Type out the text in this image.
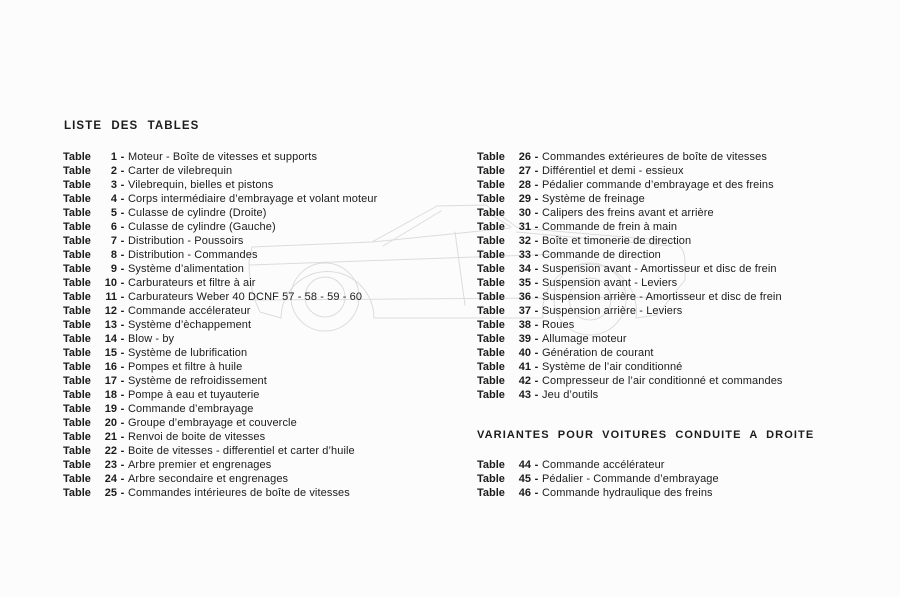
LISTE DES TABLES
Table	1 - Moteur - Boîte de vitesses et supports
Table	2 - Carter de vilebrequin
Table	3 - Vilebrequin, bielles et pistons
Table	4 - Corps intermédiaire d’embrayage et volant moteur
Table	5 - Culasse de cylindre (Droite)
Table	6 - Culasse de cylindre (Gauche)
Table	7 - Distribution - Poussoirs
Table	8 - Distribution - Commandes
Table	9 - Système d’alimentation
Table	10 - Carburateurs et filtre à air
Table	11 - Carburateurs Weber 40 DCNF 57 - 58 - 59 - 60
Table	12 - Commande accélerateur
Table	13 - Système d’èchappement
Table	14 - Blow - by
Table	15 - Système de lubrification
Table	16 - Pompes et filtre à huile
Table	17 - Système de refroidissement
Table	18 - Pompe à eau et tuyauterie
Table	19 - Commande d’embrayage
Table	20 - Groupe d’embrayage et couvercle
Table	21 - Renvoi de boite de vitesses
Table	22 - Boite de vitesses - differentiel et carter d’huile
Table	23 - Arbre premier et engrenages
Table	24 - Arbre secondaire et engrenages
Table	25 - Commandes intérieures de boîte de vitesses
Table	26 - Commandes extérieures de boîte de vitesses
Table	27 - Différentiel et demi - essieux
Table	28 - Pédalier commande d’embrayage et des freins
Table	29 - Système de freinage
Table	30 - Calipers des freins avant et arrière
Table	31 - Commande de frein à main
Table	32 - Boîte et timonerie de direction
Table	33 - Commande de direction
Table	34 - Suspension avant - Amortisseur et disc de frein
Table	35 - Suspension avant - Leviers
Table	36 - Suspension arrière - Amortisseur et disc de frein
Table	37 - Suspension arrière - Leviers
Table	38 - Roues
Table	39 - Allumage moteur
Table	40 - Génération de courant
Table	41 - Système de l’air conditionné
Table	42 - Compresseur de l’air conditionné et commandes
Table	43 - Jeu d’outils
VARIANTES POUR VOITURES CONDUITE A DROITE
Table	44 - Commande accélérateur
Table	45 - Pédalier - Commande d’embrayage
Table	46 - Commande hydraulique des freins
